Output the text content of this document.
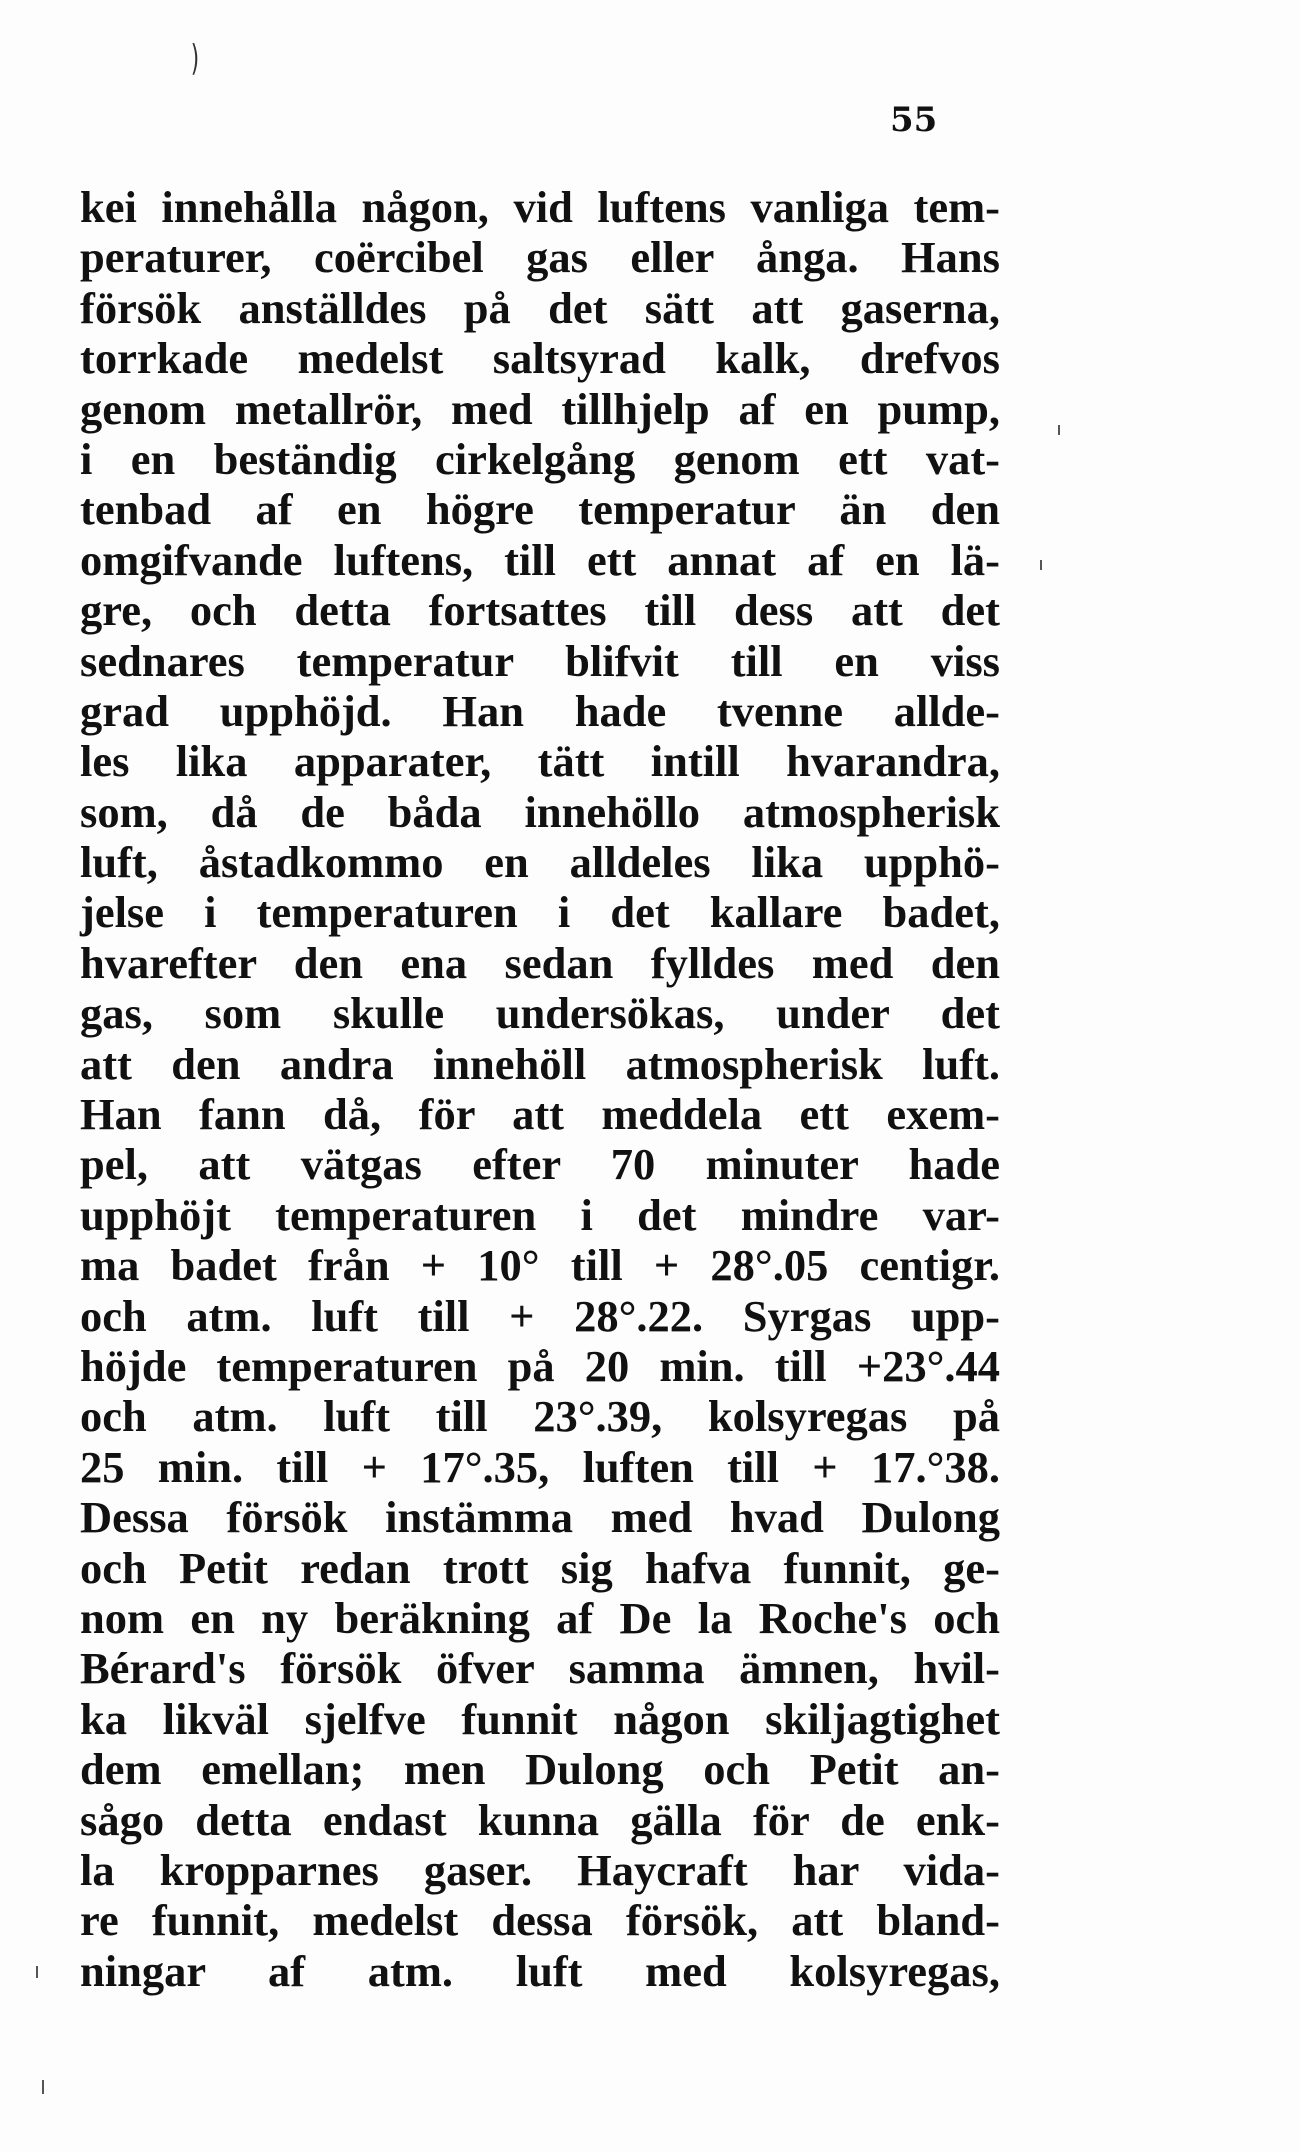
)
55
kei innehålla någon, vid luftens vanliga tem-
peraturer, coërcibel gas eller ånga. Hans
försök anställdes på det sätt att gaserna,
torrkade medelst saltsyrad kalk, drefvos
genom metallrör, med tillhjelp af en pump,
i en beständig cirkelgång genom ett vat-
tenbad af en högre temperatur än den
omgifvande luftens, till ett annat af en lä-
gre, och detta fortsattes till dess att det
sednares temperatur blifvit till en viss
grad upphöjd. Han hade tvenne allde-
les lika apparater, tätt intill hvarandra,
som, då de båda innehöllo atmospherisk
luft, åstadkommo en alldeles lika upphö-
jelse i temperaturen i det kallare badet,
hvarefter den ena sedan fylldes med den
gas, som skulle undersökas, under det
att den andra innehöll atmospherisk luft.
Han fann då, för att meddela ett exem-
pel, att vätgas efter 70 minuter hade
upphöjt temperaturen i det mindre var-
ma badet från + 10° till + 28°.05 centigr.
och atm. luft till + 28°.22. Syrgas upp-
höjde temperaturen på 20 min. till +23°.44
och atm. luft till 23°.39, kolsyregas på
25 min. till + 17°.35, luften till + 17.°38.
Dessa försök instämma med hvad Dulong
och Petit redan trott sig hafva funnit, ge-
nom en ny beräkning af De la Roche's och
Bérard's försök öfver samma ämnen, hvil-
ka likväl sjelfve funnit någon skiljagtighet
dem emellan; men Dulong och Petit an-
sågo detta endast kunna gälla för de enk-
la kropparnes gaser. Haycraft har vida-
re funnit, medelst dessa försök, att bland-
ningar af atm. luft med kolsyregas,
